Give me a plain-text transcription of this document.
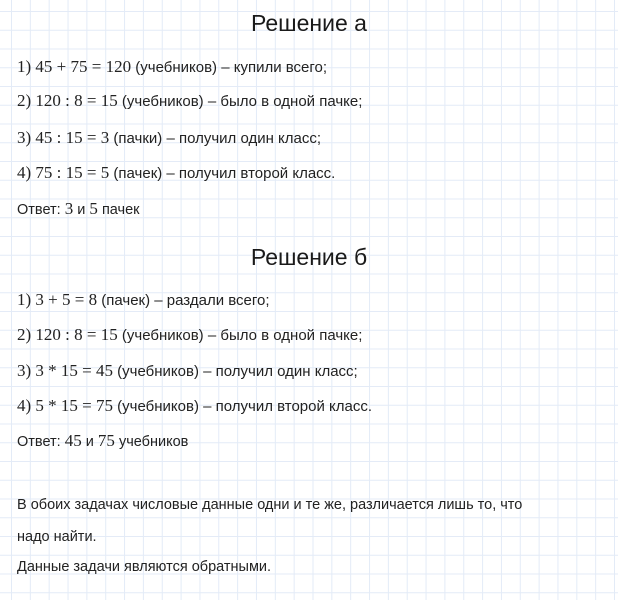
Решение а
1) 45 + 75 = 120 (учебников) – купили всего;
2) 120 : 8 = 15 (учебников) – было в одной пачке;
3) 45 : 15 = 3 (пачки) – получил один класс;
4) 75 : 15 = 5 (пачек) – получил второй класс.
Ответ: 3 и 5 пачек
Решение б
1) 3 + 5 = 8 (пачек) – раздали всего;
2) 120 : 8 = 15 (учебников) – было в одной пачке;
3) 3 * 15 = 45 (учебников) – получил один класс;
4) 5 * 15 = 75 (учебников) – получил второй класс.
Ответ: 45 и 75 учебников
В обоих задачах числовые данные одни и те же, различается лишь то, что
надо найти.
Данные задачи являются обратными.
